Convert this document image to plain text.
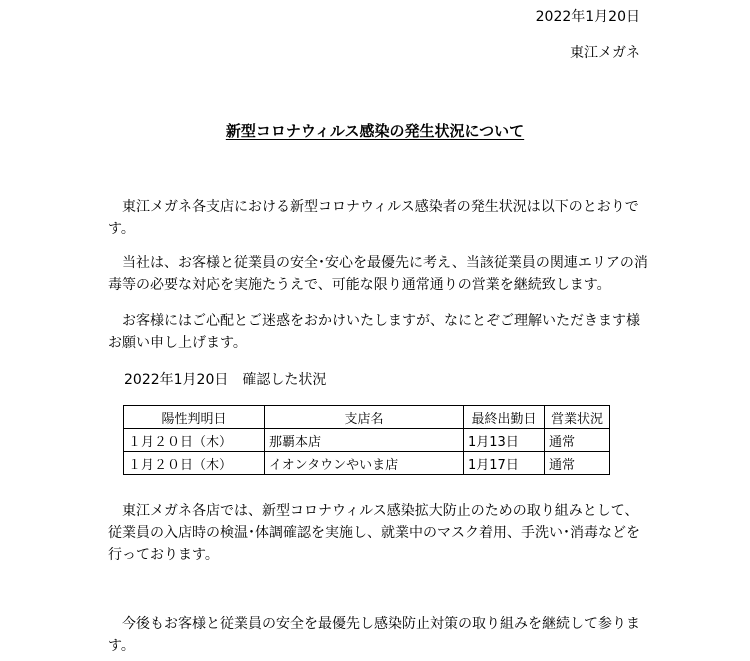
2022年1月20日
東江メガネ
新型コロナウィルス感染の発生状況について
東江メガネ各支店における新型コロナウィルス感染者の発生状況は以下のとおりです。
当社は、お客様と従業員の安全･安心を最優先に考え、当該従業員の関連エリアの消毒等の必要な対応を実施たうえで、可能な限り通常通りの営業を継続致します。
お客様にはご心配とご迷惑をおかけいたしますが、なにとぞご理解いただきます様お願い申し上げます。
2022年1月20日　確認した状況
陽性判明日	支店名	最終出勤日	営業状況
１月２０日（木）	那覇本店	1月13日	通常
１月２０日（木）	イオンタウンやいま店	1月17日	通常
東江メガネ各店では、新型コロナウィルス感染拡大防止のための取り組みとして、従業員の入店時の検温･体調確認を実施し、就業中のマスク着用、手洗い･消毒などを行っております。
今後もお客様と従業員の安全を最優先し感染防止対策の取り組みを継続して参ります。
